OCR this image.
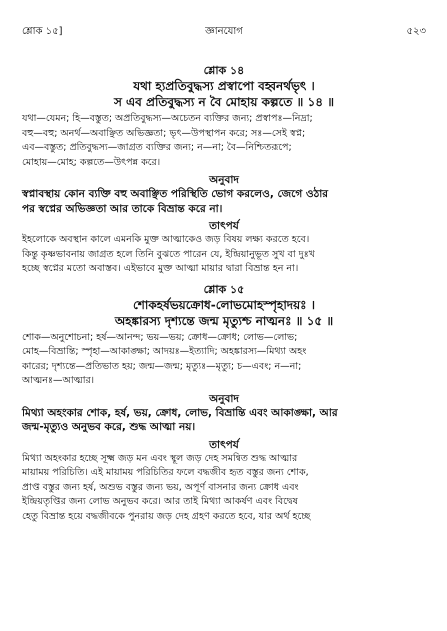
শ্লোক ১৫]	জ্ঞানযোগ	৫২৩
শ্লোক ১৪
যথা হ্যপ্রতিবুদ্ধস্য প্রস্বাপো বহ্বনর্থভৃৎ ।
স এব প্রতিবুদ্ধস্য ন বৈ মোহায় কল্পতে ॥ ১৪ ॥
যথা—যেমন; হি—বস্তুত; অপ্রতিবুদ্ধস্য—অচেতন ব্যক্তির জন্য; প্রস্বাপঃ—নিদ্রা;
বহু—বহু; অনর্থ—অবাঞ্ছিত অভিজ্ঞতা; ভৃৎ—উপস্থাপন করে; সঃ—সেই স্বপ্ন;
এব—বস্তুত; প্রতিবুদ্ধস্য—জাগ্রত ব্যক্তির জন্য; ন—না; বৈ—নিশ্চিতরূপে;
মোহায়—মোহ; কল্পতে—উৎপন্ন করে।
অনুবাদ
স্বপ্নাবস্থায় কোন ব্যক্তি বহু অবাঞ্ছিত পরিস্থিতি ভোগ করলেও, জেগে ওঠার
পর স্বপ্নের অভিজ্ঞতা আর তাকে বিভ্রান্ত করে না।
তাৎপর্য
ইহলোকে অবস্থান কালে এমনকি মুক্ত আত্মাকেও জড় বিষয় লক্ষ্য করতে হবে।
কিন্তু কৃষ্ণভাবনায় জাগ্রত হলে তিনি বুঝতে পারেন যে, ইন্দ্রিয়ানুভূত সুখ বা দুঃখ
হচ্ছে স্বপ্নের মতো অবাস্তব। এইভাবে মুক্ত আত্মা মায়ার দ্বারা বিভ্রান্ত হন না।
শ্লোক ১৫
শোকহর্ষভয়ক্রোধ-লোভমোহস্পৃহাদয়ঃ ।
অহঙ্কারস্য দৃশ্যন্তে জন্ম মৃত্যুশ্চ নাত্মনঃ ॥ ১৫ ॥
শোক—অনুশোচনা; হর্ষ—আনন্দ; ভয়—ভয়; ক্রোধ—ক্রোধ; লোভ—লোভ;
মোহ—বিভ্রান্তি; স্পৃহা—আকাঙ্ক্ষা; আদয়ঃ—ইত্যাদি; অহঙ্কারস্য—মিথ্যা অহং
কারের; দৃশ্যন্তে—প্রতিভাত হয়; জন্ম—জন্ম; মৃত্যুঃ—মৃত্যু; চ—এবং; ন—না;
আত্মনঃ—আত্মার।
অনুবাদ
মিথ্যা অহংকার শোক, হর্ষ, ভয়, ক্রোধ, লোভ, বিভ্রান্তি এবং আকাঙ্ক্ষা, আর
জন্ম-মৃত্যুও অনুভব করে, শুদ্ধ আত্মা নয়।
তাৎপর্য
মিথ্যা অহংকার হচ্ছে সূক্ষ্ম জড় মন এবং স্থূল জড় দেহ সমন্বিত শুদ্ধ আত্মার
মায়াময় পরিচিতি। এই মায়াময় পরিচিতির ফলে বদ্ধজীব হৃত বস্তুর জন্য শোক,
প্রাপ্ত বস্তুর জন্য হর্ষ, অশুভ বস্তুর জন্য ভয়, অপূর্ণ বাসনার জন্য ক্রোধ এবং
ইন্দ্রিয়তৃপ্তির জন্য লোভ অনুভব করে। আর তাই মিথ্যা আকর্ষণ এবং বিদ্বেষ
হেতু বিভ্রান্ত হয়ে বদ্ধজীবকে পুনরায় জড় দেহ গ্রহণ করতে হবে, যার অর্থ হচ্ছে
